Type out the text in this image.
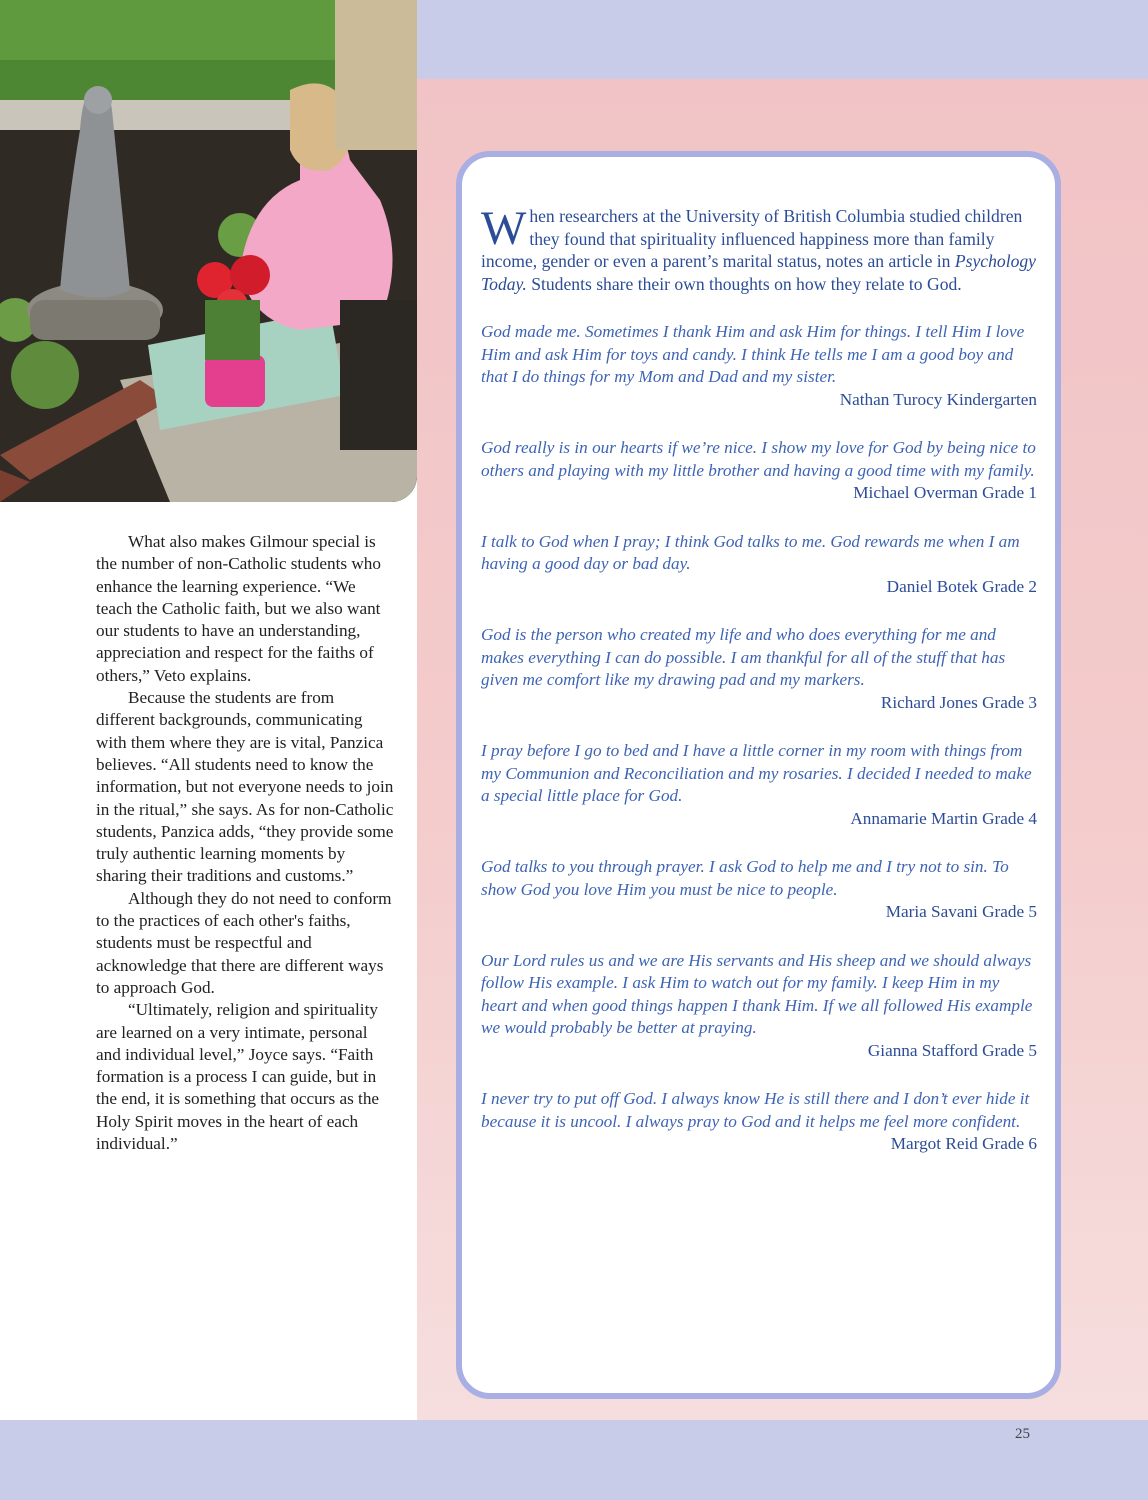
What also makes Gilmour special is the number of non-Catholic students who enhance the learning experience. “We teach the Catholic faith, but we also want our students to have an understanding, appreciation and respect for the faiths of others,” Veto explains.

Because the students are from different backgrounds, communicating with them where they are is vital, Panzica believes. “All students need to know the information, but not everyone needs to join in the ritual,” she says. As for non-Catholic students, Panzica adds, “they provide some truly authentic learning moments by sharing their traditions and customs.”

Although they do not need to conform to the practices of each other's faiths, students must be respectful and acknowledge that there are different ways to approach God.

“Ultimately, religion and spirituality are learned on a very intimate, personal and individual level,” Joyce says. “Faith formation is a process I can guide, but in the end, it is something that occurs as the Holy Spirit moves in the heart of each individual.”

25

When researchers at the University of British Columbia studied children they found that spirituality influenced happiness more than family income, gender or even a parent’s marital status, notes an article in Psychology Today. Students share their own thoughts on how they relate to God.

God made me. Sometimes I thank Him and ask Him for things. I tell Him I love Him and ask Him for toys and candy. I think He tells me I am a good boy and that I do things for my Mom and Dad and my sister.

Nathan Turocy Kindergarten

God really is in our hearts if we’re nice. I show my love for God by being nice to others and playing with my little brother and having a good time with my family.

Michael Overman Grade 1

I talk to God when I pray; I think God talks to me. God rewards me when I am having a good day or bad day.

Daniel Botek Grade 2

God is the person who created my life and who does everything for me and makes everything I can do possible. I am thankful for all of the stuff that has given me comfort like my drawing pad and my markers.

Richard Jones Grade 3

I pray before I go to bed and I have a little corner in my room with things from my Communion and Reconciliation and my rosaries. I decided I needed to make a special little place for God.

Annamarie Martin Grade 4

God talks to you through prayer. I ask God to help me and I try not to sin. To show God you love Him you must be nice to people.

Maria Savani Grade 5

Our Lord rules us and we are His servants and His sheep and we should always follow His example. I ask Him to watch out for my family. I keep Him in my heart and when good things happen I thank Him. If we all followed His example we would probably be better at praying.

Gianna Stafford Grade 5

I never try to put off God. I always know He is still there and I don’t ever hide it because it is uncool. I always pray to God and it helps me feel more confident.

Margot Reid Grade 6
